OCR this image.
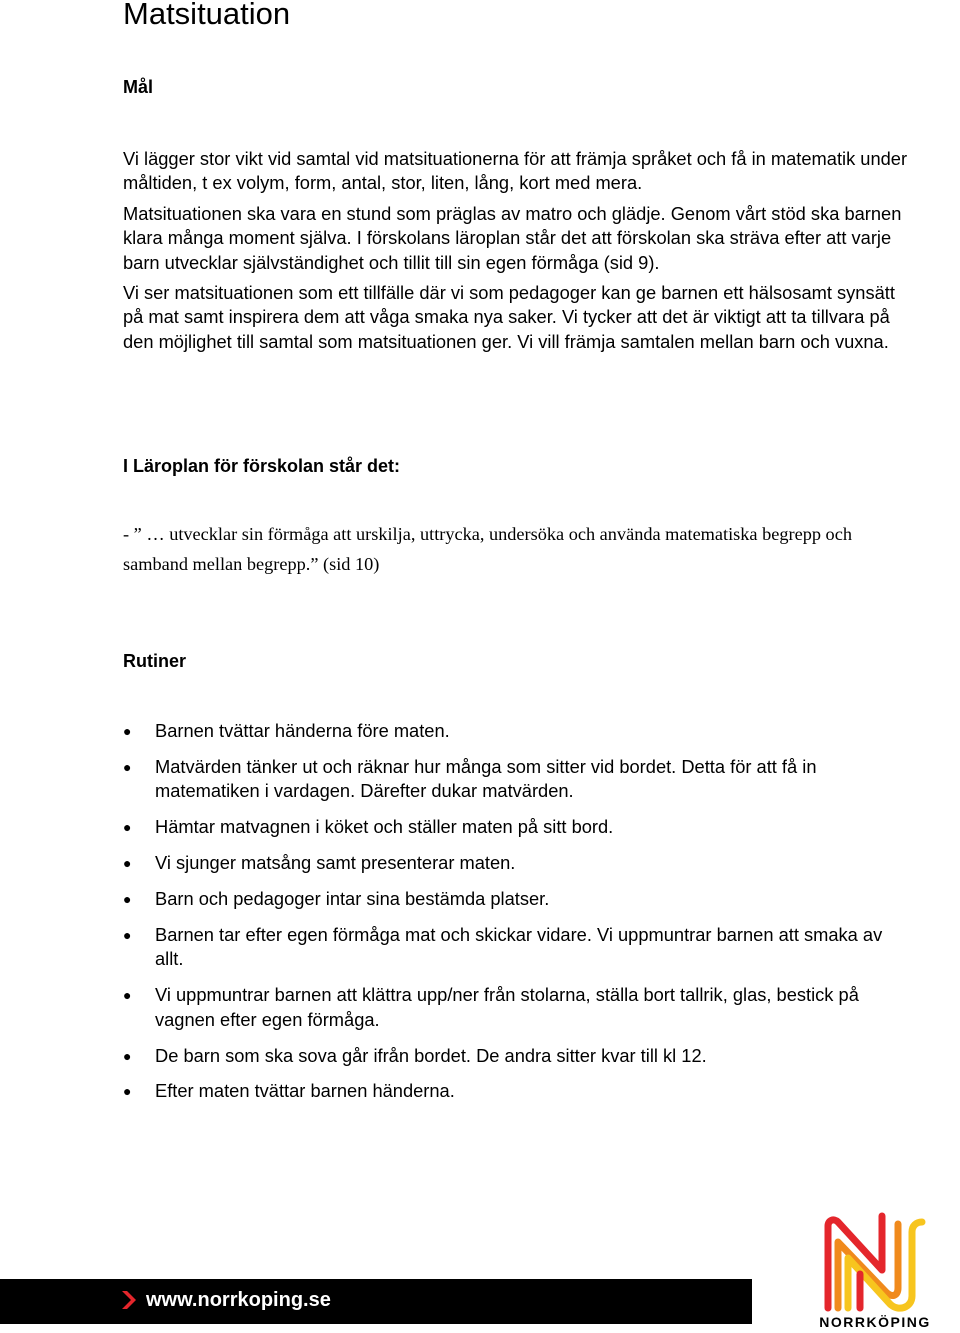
Matsituation
Mål

Vi lägger stor vikt vid samtal vid matsituationerna för att främja språket och få in matematik under måltiden, t ex volym, form, antal, stor, liten, lång, kort med mera.

Matsituationen ska vara en stund som präglas av matro och glädje. Genom vårt stöd ska barnen klara många moment själva. I förskolans läroplan står det att förskolan ska sträva efter att varje barn utvecklar självständighet och tillit till sin egen förmåga (sid 9).

Vi ser matsituationen som ett tillfälle där vi som pedagoger kan ge barnen ett hälsosamt synsätt på mat samt inspirera dem att våga smaka nya saker. Vi tycker att det är viktigt att ta tillvara på den möjlighet till samtal som matsituationen ger. Vi vill främja samtalen mellan barn och vuxna.

I Läroplan för förskolan står det:
- ” … utvecklar sin förmåga att urskilja, uttrycka, undersöka och använda matematiska begrepp och samband mellan begrepp.” (sid 10)
Rutiner
●	Barnen tvättar händerna före maten.
●	Matvärden tänker ut och räknar hur många som sitter vid bordet. Detta för att få in matematiken i vardagen. Därefter dukar matvärden.
●	Hämtar matvagnen i köket och ställer maten på sitt bord.
●	Vi sjunger matsång samt presenterar maten.
●	Barn och pedagoger intar sina bestämda platser.
●	Barnen tar efter egen förmåga mat och skickar vidare. Vi uppmuntrar barnen att smaka av allt.
●	Vi uppmuntrar barnen att klättra upp/ner från stolarna, ställa bort tallrik, glas, bestick på vagnen efter egen förmåga.
●	De barn som ska sova går ifrån bordet. De andra sitter kvar till kl 12.
●	Efter maten tvättar barnen händerna.
www.norrkoping.se
NORRKÖPING
